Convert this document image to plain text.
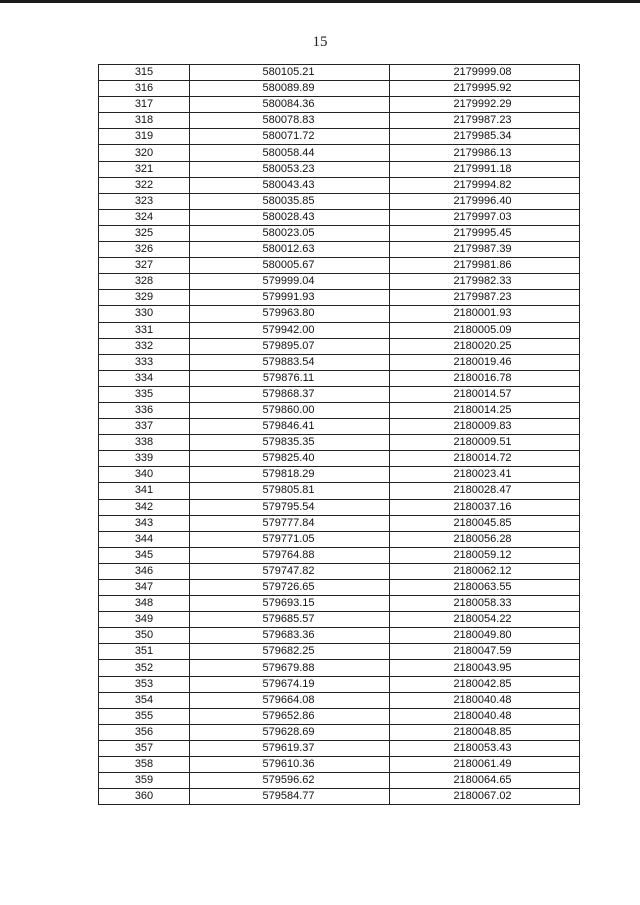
15
315	580105.21	2179999.08
316	580089.89	2179995.92
317	580084.36	2179992.29
318	580078.83	2179987.23
319	580071.72	2179985.34
320	580058.44	2179986.13
321	580053.23	2179991.18
322	580043.43	2179994.82
323	580035.85	2179996.40
324	580028.43	2179997.03
325	580023.05	2179995.45
326	580012.63	2179987.39
327	580005.67	2179981.86
328	579999.04	2179982.33
329	579991.93	2179987.23
330	579963.80	2180001.93
331	579942.00	2180005.09
332	579895.07	2180020.25
333	579883.54	2180019.46
334	579876.11	2180016.78
335	579868.37	2180014.57
336	579860.00	2180014.25
337	579846.41	2180009.83
338	579835.35	2180009.51
339	579825.40	2180014.72
340	579818.29	2180023.41
341	579805.81	2180028.47
342	579795.54	2180037.16
343	579777.84	2180045.85
344	579771.05	2180056.28
345	579764.88	2180059.12
346	579747.82	2180062.12
347	579726.65	2180063.55
348	579693.15	2180058.33
349	579685.57	2180054.22
350	579683.36	2180049.80
351	579682.25	2180047.59
352	579679.88	2180043.95
353	579674.19	2180042.85
354	579664.08	2180040.48
355	579652.86	2180040.48
356	579628.69	2180048.85
357	579619.37	2180053.43
358	579610.36	2180061.49
359	579596.62	2180064.65
360	579584.77	2180067.02
